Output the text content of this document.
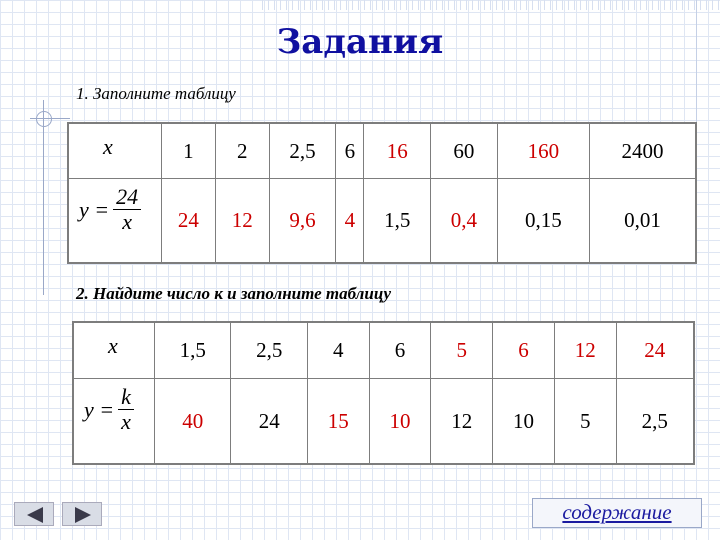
Задания
1. Заполните таблицу
x	1	2	2,5	6	16	60	160	2400

$y = \frac{24}{x}$	24	12	9,6	4	1,5	0,4	0,15	0,01
2. Найдите число к и заполните таблицу
x	1,5	2,5	4	6	5	6	12	24

$y = \frac{k}{x}$	40	24	15	10	12	10	5	2,5
содержание
